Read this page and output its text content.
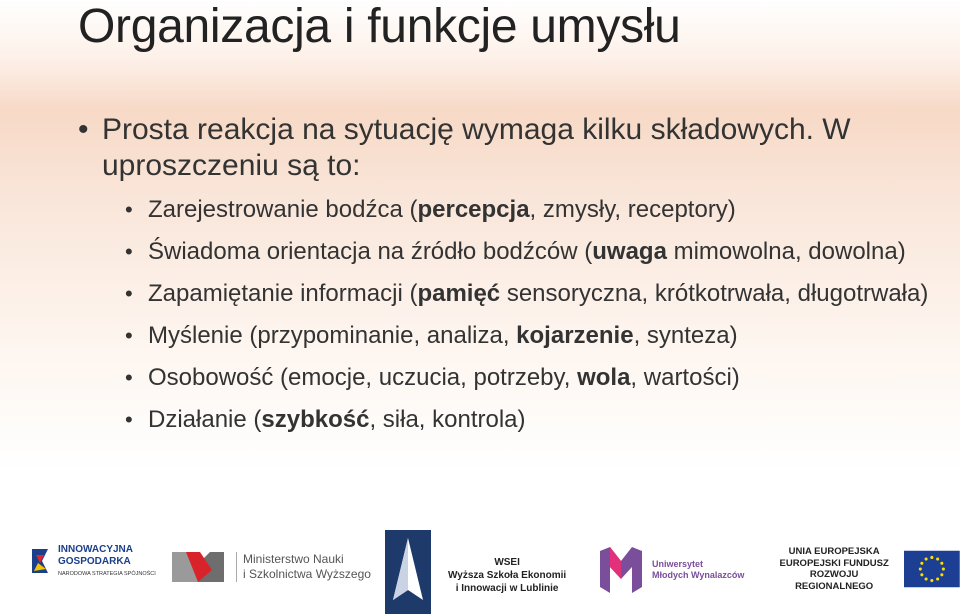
Organizacja i funkcje umysłu
• Prosta reakcja na sytuację wymaga kilku składowych. W uproszczeniu są to:
• Zarejestrowanie bodźca (percepcja, zmysły, receptory)
• Świadoma orientacja na źródło bodźców (uwaga mimowolna, dowolna)
• Zapamiętanie informacji (pamięć sensoryczna, krótkotrwała, długotrwała)
• Myślenie (przypominanie, analiza, kojarzenie, synteza)
• Osobowość (emocje, uczucia, potrzeby, wola, wartości)
• Działanie (szybkość, siła, kontrola)
INNOWACYJNA
GOSPODARKA
NARODOWA STRATEGIA SPÓJNOŚCI
Ministerstwo Nauki
i Szkolnictwa Wyższego
WSEI
Wyższa Szkoła Ekonomii
i Innowacji w Lublinie
Uniwersytet
Młodych Wynalazców
UNIA EUROPEJSKA
EUROPEJSKI FUNDUSZ
ROZWOJU REGIONALNEGO
